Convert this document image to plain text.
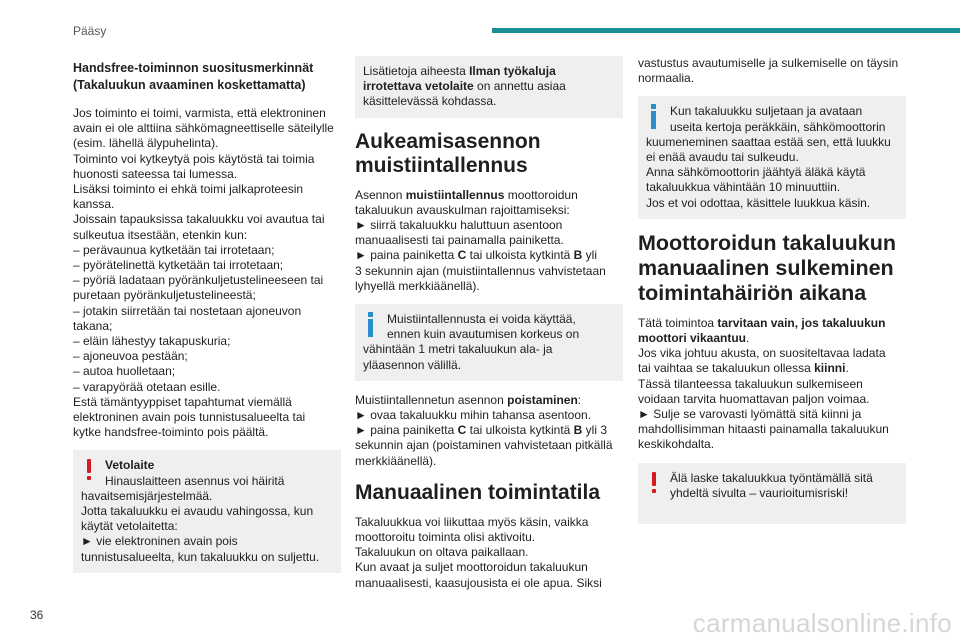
Pääsy
Handsfree-toiminnon suositusmerkinnät
(Takaluukun avaaminen koskettamatta)

Jos toiminto ei toimi, varmista, että elektroninen
avain ei ole alttiina sähkömagneettiselle säteilylle
(esim. lähellä älypuhelinta).
Toiminto voi kytkeytyä pois käytöstä tai toimia
huonosti sateessa tai lumessa.
Lisäksi toiminto ei ehkä toimi jalkaproteesin
kanssa.
Joissain tapauksissa takaluukku voi avautua tai
sulkeutua itsestään, etenkin kun:
– perävaunua kytketään tai irrotetaan;
– pyörätelinettä kytketään tai irrotetaan;
– pyöriä ladataan pyöränkuljetustelineeseen tai
puretaan pyöränkuljetustelineestä;
– jotakin siirretään tai nostetaan ajoneuvon
takana;
– eläin lähestyy takapuskuria;
– ajoneuvoa pestään;
– autoa huolletaan;
– varapyörää otetaan esille.
Estä tämäntyyppiset tapahtumat viemällä
elektroninen avain pois tunnistusalueelta tai
kytke handsfree-toiminto pois päältä.

Vetolaite
Hinauslaitteen asennus voi häiritä
havaitsemisjärjestelmää.
Jotta takaluukku ei avaudu vahingossa, kun
käytät vetolaitetta:
► vie elektroninen avain pois
tunnistusalueelta, kun takaluukku on suljettu.
Lisätietoja aiheesta Ilman työkaluja
irrotettava vetolaite on annettu asiaa
käsittelevässä kohdassa.
Aukeamisasennon
muistiintallennus

Asennon muistiintallennus moottoroidun
takaluukun avauskulman rajoittamiseksi:
► siirrä takaluukku haluttuun asentoon
manuaalisesti tai painamalla painiketta.
► paina painiketta C tai ulkoista kytkintä B yli
3 sekunnin ajan (muistiintallennus vahvistetaan
lyhyellä merkkiäänellä).

Muistiintallennusta ei voida käyttää,
ennen kuin avautumisen korkeus on
vähintään 1 metri takaluukun ala- ja
yläasennon välillä.

Muistiintallennetun asennon poistaminen:
► ovaa takaluukku mihin tahansa asentoon.
► paina painiketta C tai ulkoista kytkintä B yli 3
sekunnin ajan (poistaminen vahvistetaan pitkällä
merkkiäänellä).

Manuaalinen toimintatila

Takaluukkua voi liikuttaa myös käsin, vaikka
moottoroitu toiminta olisi aktivoitu.
Takaluukun on oltava paikallaan.
Kun avaat ja suljet moottoroidun takaluukun
manuaalisesti, kaasujousista ei ole apua. Siksi

vastustus avautumiselle ja sulkemiselle on täysin
normaalia.

Kun takaluukku suljetaan ja avataan
useita kertoja peräkkäin, sähkömoottorin
kuumeneminen saattaa estää sen, että luukku
ei enää avaudu tai sulkeudu.
Anna sähkömoottorin jäähtyä äläkä käytä
takaluukkua vähintään 10 minuuttiin.
Jos et voi odottaa, käsittele luukkua käsin.
Moottoroidun takaluukun
manuaalinen sulkeminen
toimintahäiriön aikana

Tätä toimintoa tarvitaan vain, jos takaluukun
moottori vikaantuu.
Jos vika johtuu akusta, on suositeltavaa ladata
tai vaihtaa se takaluukun ollessa kiinni.
Tässä tilanteessa takaluukun sulkemiseen
voidaan tarvita huomattavan paljon voimaa.
► Sulje se varovasti lyömättä sitä kiinni ja
mahdollisimman hitaasti painamalla takaluukun
keskikohdalta.

Älä laske takaluukkua työntämällä sitä
yhdeltä sivulta – vaurioitumisriski!

36	carmanualsonline.info
